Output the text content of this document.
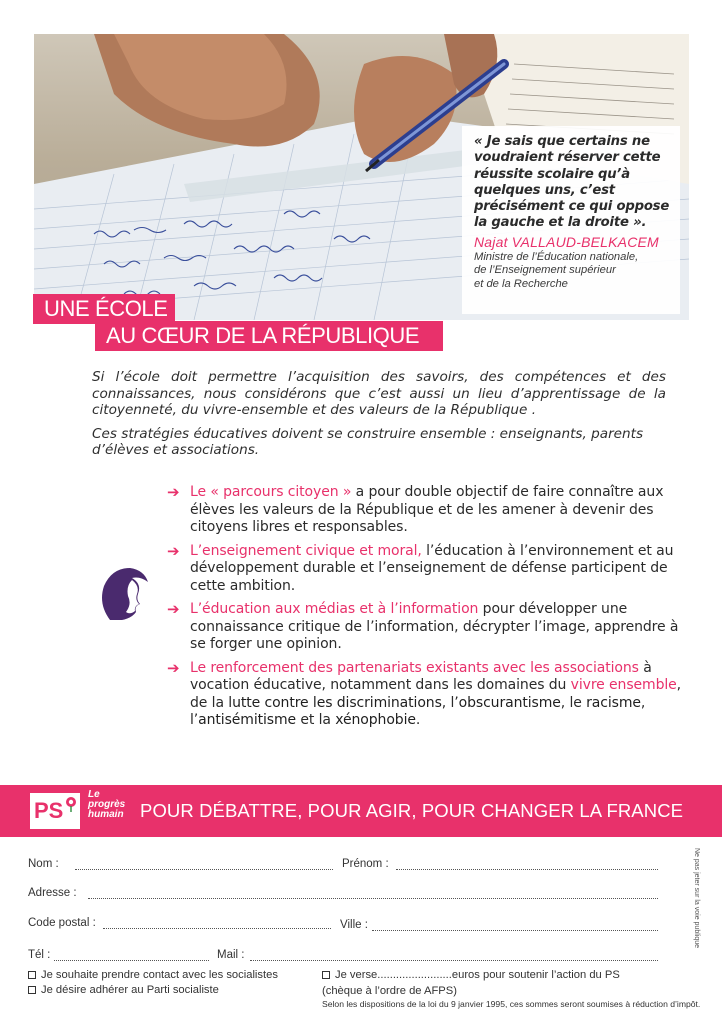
« Je sais que certains ne voudraient réserver cette réussite scolaire qu’à quelques uns, c’est précisément ce qui oppose la gauche et la droite ».
Najat VALLAUD-BELKACEM
Ministre de l’Éducation nationale,
de l’Enseignement supérieur
et de la Recherche
UNE ÉCOLE
AU CŒUR DE LA RÉPUBLIQUE

Si l’école doit permettre l’acquisition des savoirs, des compétences et des connaissances, nous considérons que c’est aussi un lieu d’apprentissage de la citoyenneté, du vivre-ensemble et des valeurs de la République .

Ces stratégies éducatives doivent se construire ensemble : enseignants, parents d’élèves et associations.

➔ Le « parcours citoyen » a pour double objectif de faire connaître aux élèves les valeurs de la République et de les amener à devenir des citoyens libres et responsables.
➔ L’enseignement civique et moral, l’éducation à l’environnement et au développement durable et l’enseignement de défense participent de cette ambition.
➔ L’éducation aux médias et à l’information pour développer une connaissance critique de l’information, décrypter l’image, apprendre à se forger une opinion.
➔ Le renforcement des partenariats existants avec les associations à vocation éducative, notamment dans les domaines du vivre ensemble, de la lutte contre les discriminations, l’obscurantisme, le racisme, l’antisémitisme et la xénophobie.
PS
Le
progrès
humain POUR DÉBATTRE, POUR AGIR, POUR CHANGER LA FRANCE
Nom :	Prénom :
Adresse :
Code postal :	Ville :
Tél :	Mail :
Je souhaite prendre contact avec les socialistes
Je désire adhérer au Parti socialiste
Je verse........................euros pour soutenir l’action du PS
(chèque à l’ordre de AFPS)
Selon les dispositions de la loi du 9 janvier 1995, ces sommes seront soumises à réduction d’impôt.
Ne pas jeter sur la voie publique
